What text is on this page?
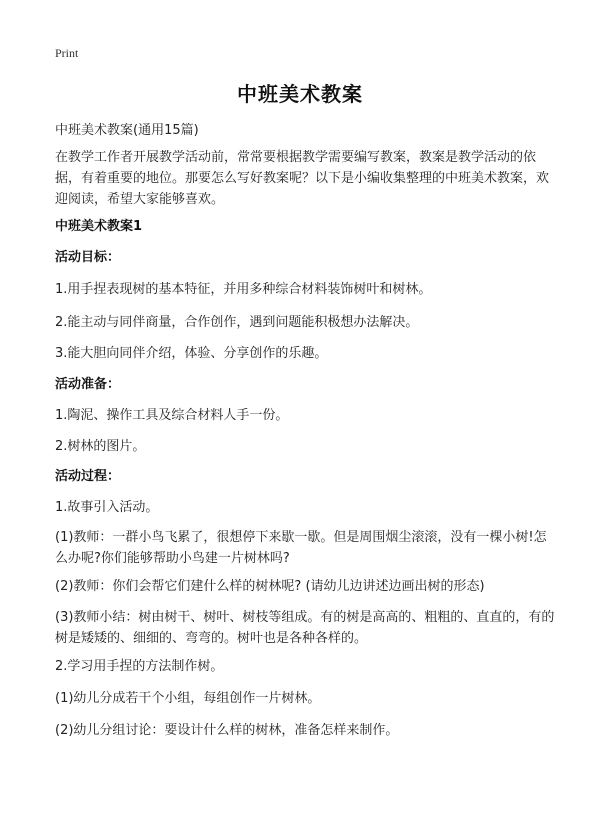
Print
中班美术教案

中班美术教案(通用15篇)

在教学工作者开展教学活动前，常常要根据教学需要编写教案，教案是教学活动的依据，有着重要的地位。那要怎么写好教案呢？以下是小编收集整理的中班美术教案，欢迎阅读，希望大家能够喜欢。

中班美术教案1

活动目标：

1.用手捏表现树的基本特征，并用多种综合材料装饰树叶和树林。

2.能主动与同伴商量，合作创作，遇到问题能积极想办法解决。

3.能大胆向同伴介绍，体验、分享创作的乐趣。

活动准备：

1.陶泥、操作工具及综合材料人手一份。

2.树林的图片。

活动过程：

1.故事引入活动。

(1)教师：一群小鸟飞累了，很想停下来歇一歇。但是周围烟尘滚滚，没有一棵小树!怎么办呢?你们能够帮助小鸟建一片树林吗?

(2)教师：你们会帮它们建什么样的树林呢? (请幼儿边讲述边画出树的形态)

(3)教师小结：树由树干、树叶、树枝等组成。有的树是高高的、粗粗的、直直的，有的树是矮矮的、细细的、弯弯的。树叶也是各种各样的。

2.学习用手捏的方法制作树。

(1)幼儿分成若干个小组，每组创作一片树林。

(2)幼儿分组讨论：要设计什么样的树林，准备怎样来制作。
